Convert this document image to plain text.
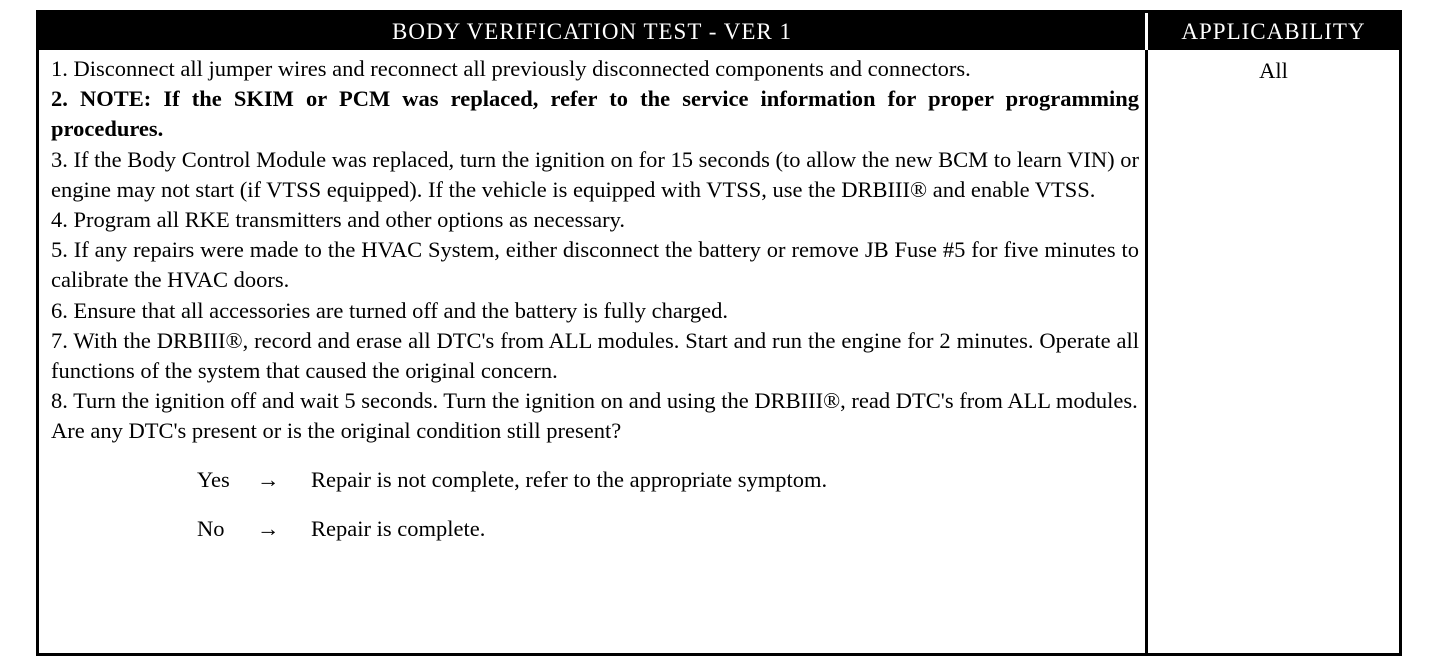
BODY VERIFICATION TEST - VER 1	APPLICABILITY
1. Disconnect all jumper wires and reconnect all previously disconnected components and connectors.
2. NOTE: If the SKIM or PCM was replaced, refer to the service information for proper programming procedures.
3. If the Body Control Module was replaced, turn the ignition on for 15 seconds (to allow the new BCM to learn VIN) or engine may not start (if VTSS equipped). If the vehicle is equipped with VTSS, use the DRBIII® and enable VTSS.
4. Program all RKE transmitters and other options as necessary.
5. If any repairs were made to the HVAC System, either disconnect the battery or remove JB Fuse #5 for five minutes to calibrate the HVAC doors.
6. Ensure that all accessories are turned off and the battery is fully charged.
7. With the DRBIII®, record and erase all DTC's from ALL modules. Start and run the engine for 2 minutes. Operate all functions of the system that caused the original concern.
8. Turn the ignition off and wait 5 seconds. Turn the ignition on and using the DRBIII®, read DTC's from ALL modules.
Are any DTC's present or is the original condition still present?
Yes	→	Repair is not complete, refer to the appropriate symptom.
No	→	Repair is complete.
All
